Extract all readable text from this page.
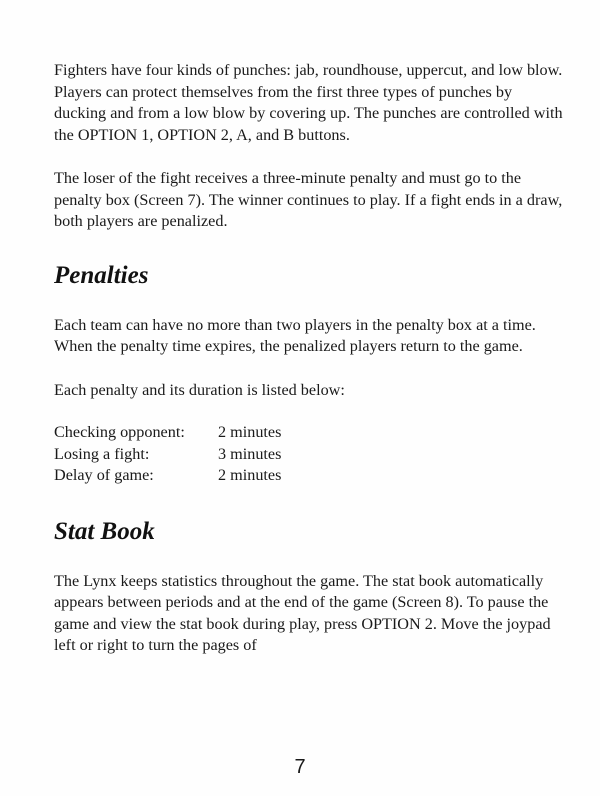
Fighters have four kinds of punches: jab, roundhouse, uppercut, and low blow. Players can protect themselves from the first three types of punches by ducking and from a low blow by covering up. The punches are controlled with the OPTION 1, OPTION 2, A, and B buttons.

The loser of the fight receives a three-minute penalty and must go to the penalty box (Screen 7). The winner continues to play. If a fight ends in a draw, both players are penalized.

Penalties

Each team can have no more than two players in the penalty box at a time. When the penalty time expires, the penalized players return to the game.

Each penalty and its duration is listed below:

Checking opponent:	2 minutes
Losing a fight:	3 minutes
Delay of game:	2 minutes
Stat Book

The Lynx keeps statistics throughout the game. The stat book automatically appears between periods and at the end of the game (Screen 8). To pause the game and view the stat book during play, press OPTION 2. Move the joypad left or right to turn the pages of

7
